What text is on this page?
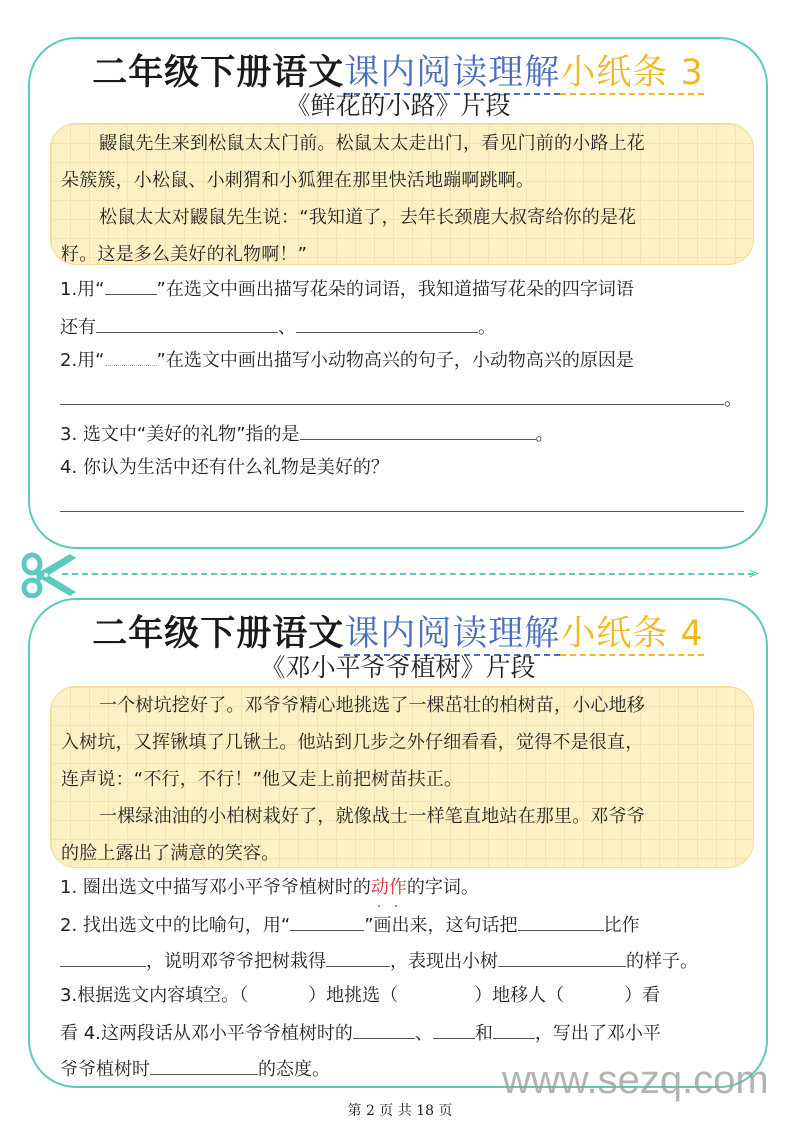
二年级下册语文课内阅读理解小纸条 3
《鲜花的小路》片段
鼹鼠先生来到松鼠太太门前。松鼠太太走出门，看见门前的小路上花
朵簇簇，小松鼠、小刺猬和小狐狸在那里快活地蹦啊跳啊。
松鼠太太对鼹鼠先生说：“我知道了，去年长颈鹿大叔寄给你的是花
籽。这是多么美好的礼物啊！”
1.用“	”在选文中画出描写花朵的词语，我知道描写花朵的四字词语
还有	、	。
2.用“	”在选文中画出描写小动物高兴的句子，小动物高兴的原因是
。
3. 选文中“美好的礼物”指的是	。
4. 你认为生活中还有什么礼物是美好的？
>
二年级下册语文课内阅读理解小纸条 4
《邓小平爷爷植树》片段
一个树坑挖好了。邓爷爷精心地挑选了一棵茁壮的柏树苗，小心地移
入树坑，又挥锹填了几锹土。他站到几步之外仔细看看，觉得不是很直，
连声说：“不行，不行！”他又走上前把树苗扶正。
一棵绿油油的小柏树栽好了，就像战士一样笔直地站在那里。邓爷爷
的脸上露出了满意的笑容。
1. 圈出选文中描写邓小平爷爷植树时的动作 · ·的字词。
2. 找出选文中的比喻句，用“	”画出来，这句话把	比作
，说明邓爷爷把树栽得	，表现出小树	的样子。
3.根据选文内容填空。（	）地挑选（	）地移人（	）看
看 4.这两段话从邓小平爷爷植树时的	、 和 ，写出了邓小平
爷爷植树时	的态度。	www.sezq.com
第 2 页 共 18 页
